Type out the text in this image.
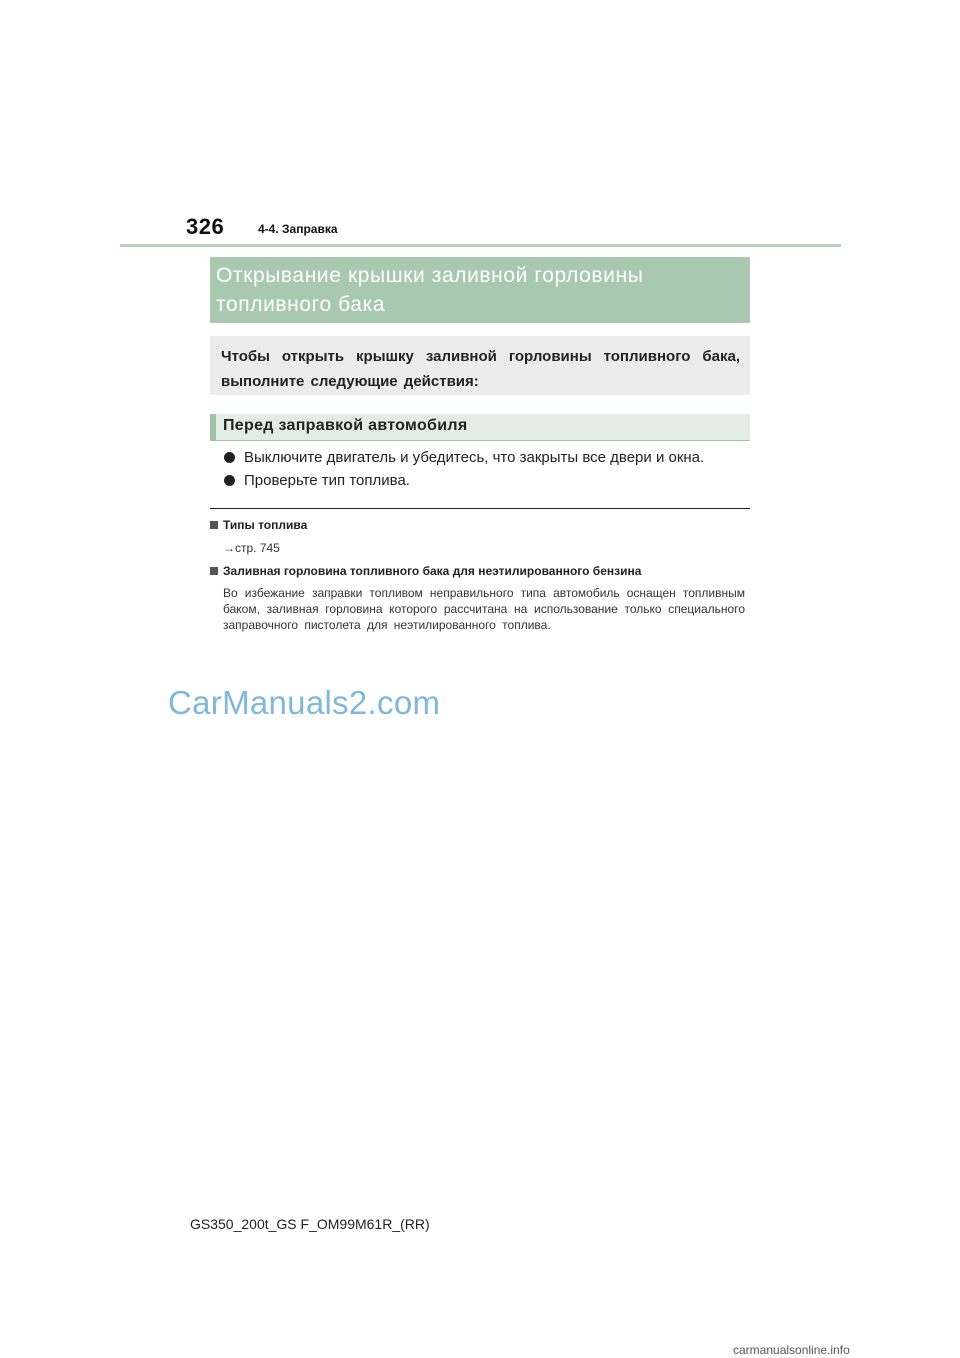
326	4-4. Заправка
Открывание крышки заливной горловины
топливного бака
Чтобы открыть крышку заливной горловины топливного бака, выполните следующие действия:
Перед заправкой автомобиля
Выключите двигатель и убедитесь, что закрыты все двери и окна.
Проверьте тип топлива.
Типы топлива
→стр. 745
Заливная горловина топливного бака для неэтилированного бензина
Во избежание заправки топливом неправильного типа автомобиль оснащен топливным баком, заливная горловина которого рассчитана на использование только специального заправочного пистолета для неэтилированного топлива.
CarManuals2.com
GS350_200t_GS F_OM99M61R_(RR)
carmanualsonline.info
